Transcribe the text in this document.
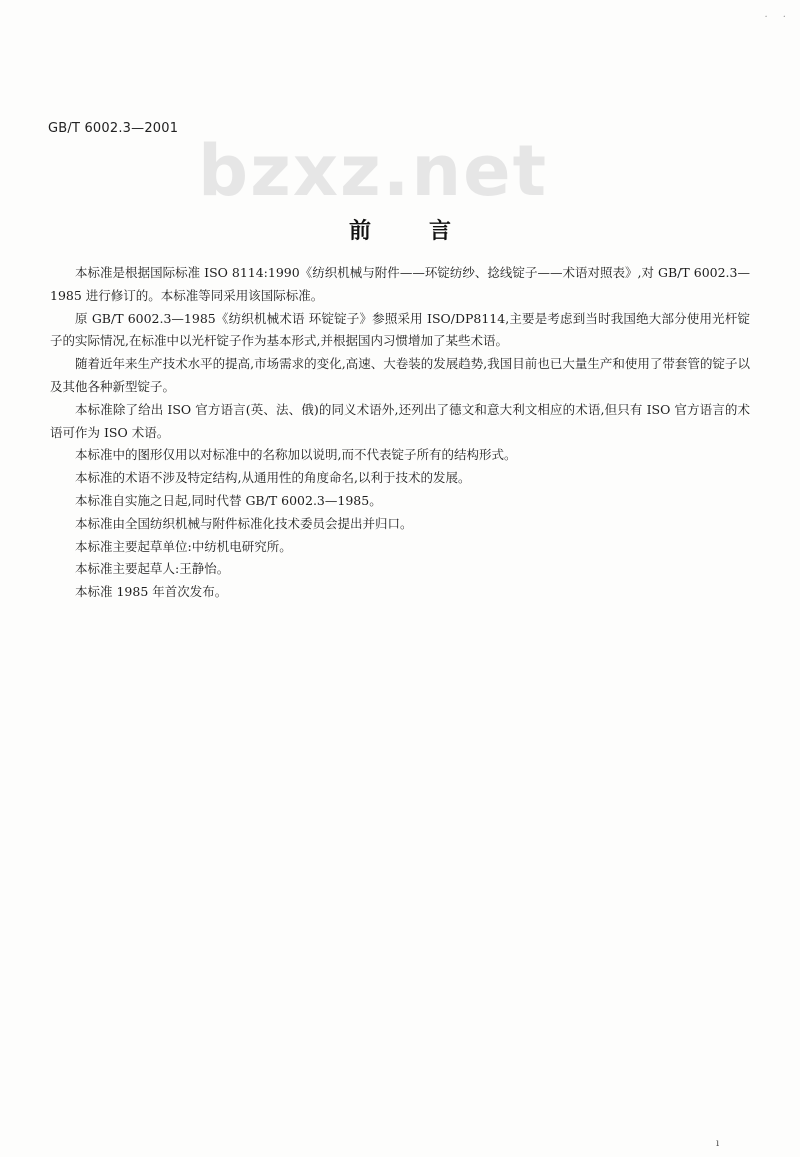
· ·
GB/T 6002.3—2001
bzxz.net
前言

本标准是根据国际标准 ISO 8114:1990《纺织机械与附件——环锭纺纱、捻线锭子——术语对照表》,对 GB/T 6002.3—1985 进行修订的。本标准等同采用该国际标准。

原 GB/T 6002.3—1985《纺织机械术语 环锭锭子》参照采用 ISO/DP8114,主要是考虑到当时我国绝大部分使用光杆锭子的实际情况,在标准中以光杆锭子作为基本形式,并根据国内习惯增加了某些术语。

随着近年来生产技术水平的提高,市场需求的变化,高速、大卷装的发展趋势,我国目前也已大量生产和使用了带套管的锭子以及其他各种新型锭子。

本标准除了给出 ISO 官方语言(英、法、俄)的同义术语外,还列出了德文和意大利文相应的术语,但只有 ISO 官方语言的术语可作为 ISO 术语。

本标准中的图形仅用以对标准中的名称加以说明,而不代表锭子所有的结构形式。

本标准的术语不涉及特定结构,从通用性的角度命名,以利于技术的发展。

本标准自实施之日起,同时代替 GB/T 6002.3—1985。

本标准由全国纺织机械与附件标准化技术委员会提出并归口。

本标准主要起草单位:中纺机电研究所。

本标准主要起草人:王静怡。

本标准 1985 年首次发布。

ı
